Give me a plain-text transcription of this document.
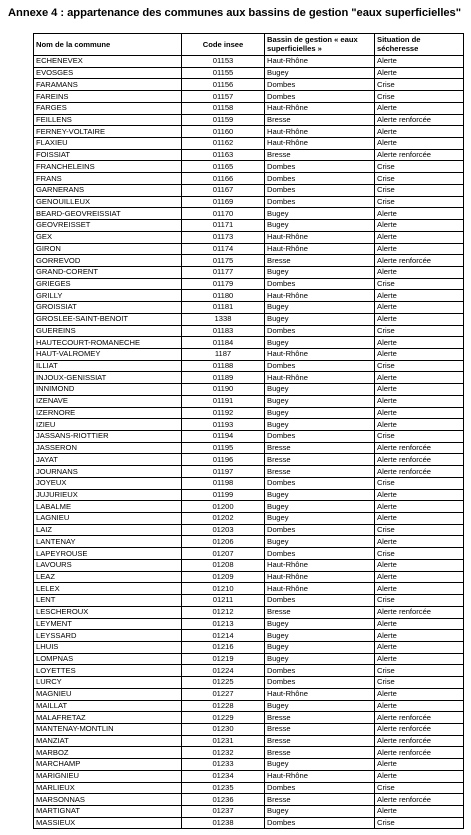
Annexe 4 : appartenance des communes aux bassins de gestion "eaux superficielles"
Nom de la commune	Code insee	Bassin de gestion « eaux superficielles »	Situation de sécheresse
ECHENEVEX	01153	Haut-Rhône	Alerte
EVOSGES	01155	Bugey	Alerte
FARAMANS	01156	Dombes	Crise
FAREINS	01157	Dombes	Crise
FARGES	01158	Haut-Rhône	Alerte
FEILLENS	01159	Bresse	Alerte renforcée
FERNEY-VOLTAIRE	01160	Haut-Rhône	Alerte
FLAXIEU	01162	Haut-Rhône	Alerte
FOISSIAT	01163	Bresse	Alerte renforcée
FRANCHELEINS	01165	Dombes	Crise
FRANS	01166	Dombes	Crise
GARNERANS	01167	Dombes	Crise
GENOUILLEUX	01169	Dombes	Crise
BEARD-GEOVREISSIAT	01170	Bugey	Alerte
GEOVREISSET	01171	Bugey	Alerte
GEX	01173	Haut-Rhône	Alerte
GIRON	01174	Haut-Rhône	Alerte
GORREVOD	01175	Bresse	Alerte renforcée
GRAND-CORENT	01177	Bugey	Alerte
GRIEGES	01179	Dombes	Crise
GRILLY	01180	Haut-Rhône	Alerte
GROISSIAT	01181	Bugey	Alerte
GROSLEE-SAINT-BENOIT	1338	Bugey	Alerte
GUEREINS	01183	Dombes	Crise
HAUTECOURT-ROMANECHE	01184	Bugey	Alerte
HAUT-VALROMEY	1187	Haut-Rhône	Alerte
ILLIAT	01188	Dombes	Crise
INJOUX-GENISSIAT	01189	Haut-Rhône	Alerte
INNIMOND	01190	Bugey	Alerte
IZENAVE	01191	Bugey	Alerte
IZERNORE	01192	Bugey	Alerte
IZIEU	01193	Bugey	Alerte
JASSANS-RIOTTIER	01194	Dombes	Crise
JASSERON	01195	Bresse	Alerte renforcée
JAYAT	01196	Bresse	Alerte renforcée
JOURNANS	01197	Bresse	Alerte renforcée
JOYEUX	01198	Dombes	Crise
JUJURIEUX	01199	Bugey	Alerte
LABALME	01200	Bugey	Alerte
LAGNIEU	01202	Bugey	Alerte
LAIZ	01203	Dombes	Crise
LANTENAY	01206	Bugey	Alerte
LAPEYROUSE	01207	Dombes	Crise
LAVOURS	01208	Haut-Rhône	Alerte
LEAZ	01209	Haut-Rhône	Alerte
LELEX	01210	Haut-Rhône	Alerte
LENT	01211	Dombes	Crise
LESCHEROUX	01212	Bresse	Alerte renforcée
LEYMENT	01213	Bugey	Alerte
LEYSSARD	01214	Bugey	Alerte
LHUIS	01216	Bugey	Alerte
LOMPNAS	01219	Bugey	Alerte
LOYETTES	01224	Dombes	Crise
LURCY	01225	Dombes	Crise
MAGNIEU	01227	Haut-Rhône	Alerte
MAILLAT	01228	Bugey	Alerte
MALAFRETAZ	01229	Bresse	Alerte renforcée
MANTENAY-MONTLIN	01230	Bresse	Alerte renforcée
MANZIAT	01231	Bresse	Alerte renforcée
MARBOZ	01232	Bresse	Alerte renforcée
MARCHAMP	01233	Bugey	Alerte
MARIGNIEU	01234	Haut-Rhône	Alerte
MARLIEUX	01235	Dombes	Crise
MARSONNAS	01236	Bresse	Alerte renforcée
MARTIGNAT	01237	Bugey	Alerte
MASSIEUX	01238	Dombes	Crise
